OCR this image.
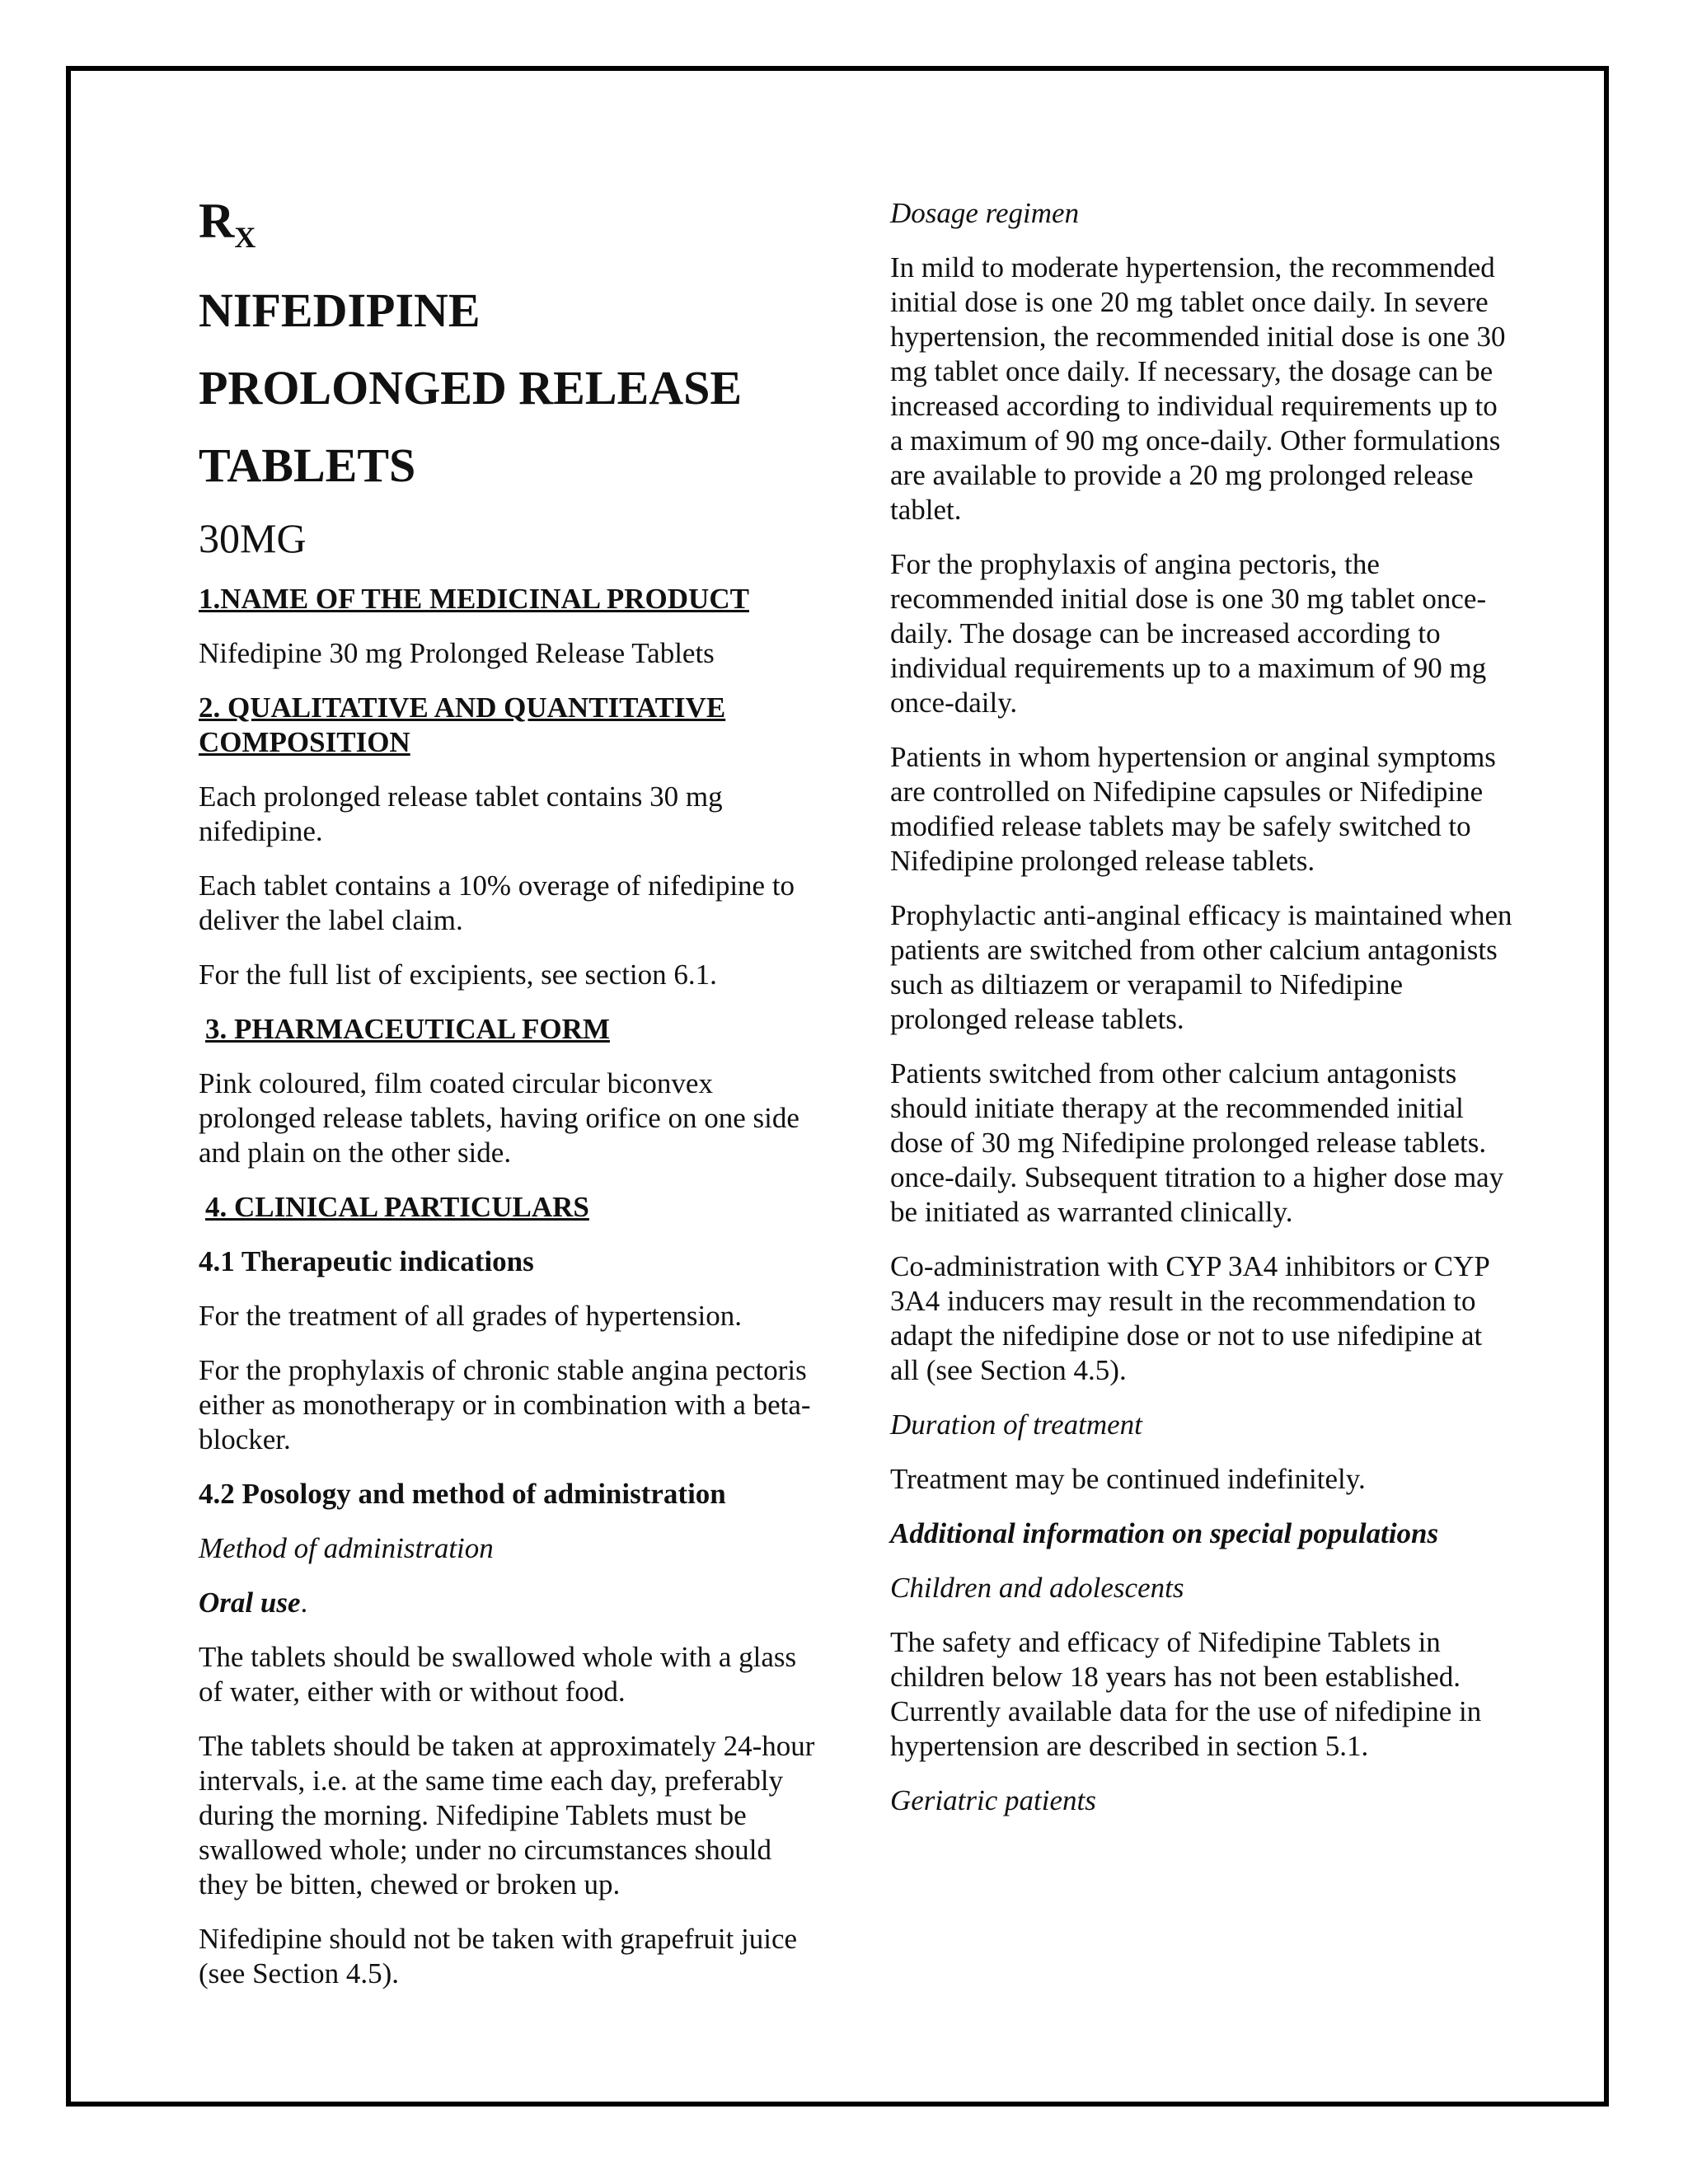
$R_X$

NIFEDIPINE

PROLONGED RELEASE

TABLETS

30MG

1.NAME OF THE MEDICINAL PRODUCT

Nifedipine 30 mg Prolonged Release Tablets

2. QUALITATIVE AND QUANTITATIVE COMPOSITION

Each prolonged release tablet contains 30 mg nifedipine.

Each tablet contains a 10% overage of nifedipine to deliver the label claim.

For the full list of excipients, see section 6.1.

3. PHARMACEUTICAL FORM

Pink coloured, film coated circular biconvex prolonged release tablets, having orifice on one side and plain on the other side.

4. CLINICAL PARTICULARS

4.1 Therapeutic indications

For the treatment of all grades of hypertension.

For the prophylaxis of chronic stable angina pectoris either as monotherapy or in combination with a beta-blocker.

4.2 Posology and method of administration

Method of administration

Oral use.

The tablets should be swallowed whole with a glass of water, either with or without food.

The tablets should be taken at approximately 24-hour intervals, i.e. at the same time each day, preferably during the morning. Nifedipine Tablets must be swallowed whole; under no circumstances should they be bitten, chewed or broken up.

Nifedipine should not be taken with grapefruit juice (see Section 4.5).

Dosage regimen

In mild to moderate hypertension, the recommended initial dose is one 20 mg tablet once daily. In severe hypertension, the recommended initial dose is one 30 mg tablet once daily. If necessary, the dosage can be increased according to individual requirements up to a maximum of 90 mg once-daily. Other formulations are available to provide a 20 mg prolonged release tablet.

For the prophylaxis of angina pectoris, the recommended initial dose is one 30 mg tablet once-daily. The dosage can be increased according to individual requirements up to a maximum of 90 mg once-daily.

Patients in whom hypertension or anginal symptoms are controlled on Nifedipine capsules or Nifedipine modified release tablets may be safely switched to Nifedipine prolonged release tablets.

Prophylactic anti-anginal efficacy is maintained when patients are switched from other calcium antagonists such as diltiazem or verapamil to Nifedipine prolonged release tablets.

Patients switched from other calcium antagonists should initiate therapy at the recommended initial dose of 30 mg Nifedipine prolonged release tablets. once-daily. Subsequent titration to a higher dose may be initiated as warranted clinically.

Co-administration with CYP 3A4 inhibitors or CYP 3A4 inducers may result in the recommendation to adapt the nifedipine dose or not to use nifedipine at all (see Section 4.5).

Duration of treatment

Treatment may be continued indefinitely.

Additional information on special populations

Children and adolescents

The safety and efficacy of Nifedipine Tablets in children below 18 years has not been established. Currently available data for the use of nifedipine in hypertension are described in section 5.1.

Geriatric patients
